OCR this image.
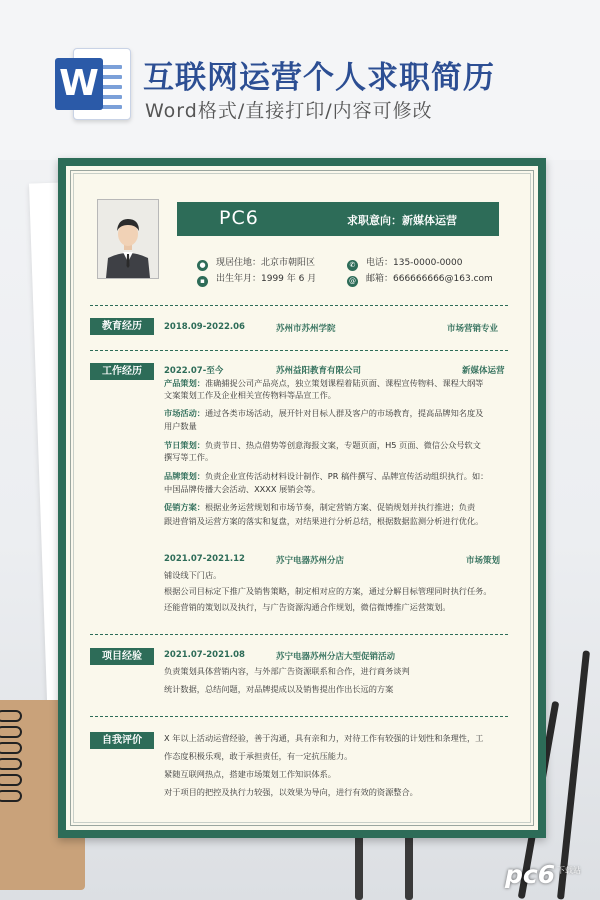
W 互联网运营个人求职简历
Word格式/直接打印/内容可修改
PC6	求职意向：新媒体运营
● 现居住地：北京市朝阳区
▪ 出生年月：1999 年 6 月
✆ 电话：135-0000-0000
@ 邮箱：666666666@163.com
教育经历	2018.09-2022.06	苏州市苏州学院	市场营销专业
工作经历	2022.07-至今	苏州益阳教育有限公司	新媒体运营
产品策划：准确捕捉公司产品亮点，独立策划课程着陆页面、课程宣传物料、课程大纲等
文案策划工作及企业相关宣传物料等品宣工作。
市场活动：通过各类市场活动，展开针对目标人群及客户的市场教育，提高品牌知名度及
用户数量
节日策划：负责节日、热点借势等创意海报文案，专题页面，H5 页面、微信公众号软文
撰写等工作。
品牌策划：负责企业宣传活动材料设计制作、PR 稿件撰写、品牌宣传活动组织执行。如：
中国品牌传播大会活动、XXXX 展销会等。
促销方案：根据业务运营规划和市场节奏，制定营销方案、促销规划并执行推进；负责
跟进营销及运营方案的落实和复盘，对结果进行分析总结，根据数据监测分析进行优化。
2021.07-2021.12	苏宁电器苏州分店	市场策划
铺设线下门店。
根据公司目标定下推广及销售策略，制定相对应的方案，通过分解目标管理同时执行任务。
还能营销的策划以及执行，与广告资源沟通合作规划，微信微博推广运营策划。
项目经验	2021.07-2021.08	苏宁电器苏州分店大型促销活动
负责策划具体营销内容，与外部广告资源联系和合作，进行商务谈判
统计数据，总结问题，对品牌提成以及销售提出作出长远的方案
自我评价	X 年以上活动运营经验，善于沟通，具有亲和力，对待工作有较强的计划性和条理性，工
作态度积极乐观，敢于承担责任，有一定抗压能力。
紧随互联网热点，搭建市场策划工作知识体系。
对于项目的把控及执行力较强，以效果为导向，进行有效的资源整合。
pc6 下载站
